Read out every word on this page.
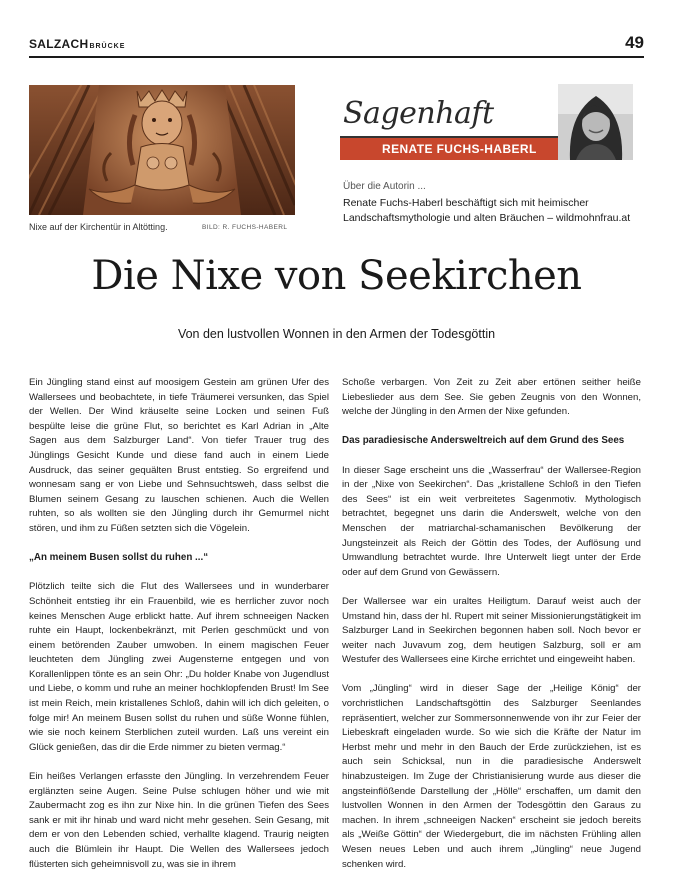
SALZACHBRÜCKE	49
Nixe auf der Kirchentür in Altötting.	BILD: R. FUCHS-HABERL
Sagenhaft
RENATE FUCHS-HABERL
Über die Autorin ...
Renate Fuchs-Haberl beschäftigt sich mit heimischer Landschaftsmythologie und alten Bräuchen – wildmohnfrau.at
Die Nixe von Seekirchen
Von den lustvollen Wonnen in den Armen der Todesgöttin

Ein Jüngling stand einst auf moosigem Gestein am grünen Ufer des Wallersees und beobachtete, in tiefe Träumerei versunken, das Spiel der Wellen. Der Wind kräuselte seine Locken und seinen Fuß bespülte leise die grüne Flut, so berichtet es Karl Adrian in „Alte Sagen aus dem Salzburger Land“. Von tiefer Trauer trug des Jünglings Gesicht Kunde und diese fand auch in einem Liede Ausdruck, das seiner gequälten Brust entstieg. So ergreifend und wonnesam sang er von Liebe und Sehnsuchtsweh, dass selbst die Blumen seinem Gesang zu lauschen schienen. Auch die Wellen ruhten, so als wollten sie den Jüngling durch ihr Gemurmel nicht stören, und ihm zu Füßen setzten sich die Vögelein.

„An meinem Busen sollst du ruhen ...“

Plötzlich teilte sich die Flut des Wallersees und in wunderbarer Schönheit entstieg ihr ein Frauenbild, wie es herrlicher zuvor noch keines Menschen Auge erblickt hatte. Auf ihrem schneeigen Nacken ruhte ein Haupt, lockenbekränzt, mit Perlen geschmückt und von einem betörenden Zauber umwoben. In einem magischen Feuer leuchteten dem Jüngling zwei Augensterne entgegen und von Korallenlippen tönte es an sein Ohr: „Du holder Knabe von Jugendlust und Liebe, o komm und ruhe an meiner hochklopfenden Brust! Im See ist mein Reich, mein kristallenes Schloß, dahin will ich dich geleiten, o folge mir! An meinem Busen sollst du ruhen und süße Wonne fühlen, wie sie noch keinem Sterblichen zuteil wurden. Laß uns vereint ein Glück genießen, das dir die Erde nimmer zu bieten vermag.“

Ein heißes Verlangen erfasste den Jüngling. In verzehrendem Feuer erglänzten seine Augen. Seine Pulse schlugen höher und wie mit Zaubermacht zog es ihn zur Nixe hin. In die grünen Tiefen des Sees sank er mit ihr hinab und ward nicht mehr gesehen. Sein Gesang, mit dem er von den Lebenden schied, verhallte klagend. Traurig neigten auch die Blümlein ihr Haupt. Die Wellen des Wallersees jedoch flüsterten sich geheimnisvoll zu, was sie in ihrem

Schoße verbargen. Von Zeit zu Zeit aber ertönen seither heiße Liebeslieder aus dem See. Sie geben Zeugnis von den Wonnen, welche der Jüngling in den Armen der Nixe gefunden.

Das paradiesische Andersweltreich auf dem Grund des Sees

In dieser Sage erscheint uns die „Wasserfrau“ der Wallersee-Region in der „Nixe von Seekirchen“. Das „kristallene Schloß in den Tiefen des Sees“ ist ein weit verbreitetes Sagenmotiv. Mythologisch betrachtet, begegnet uns darin die Anderswelt, welche von den Menschen der matriarchal-schamanischen Bevölkerung der Jungsteinzeit als Reich der Göttin des Todes, der Auflösung und Umwandlung betrachtet wurde. Ihre Unterwelt liegt unter der Erde oder auf dem Grund von Gewässern.

Der Wallersee war ein uraltes Heiligtum. Darauf weist auch der Umstand hin, dass der hl. Rupert mit seiner Missionierungstätigkeit im Salzburger Land in Seekirchen begonnen haben soll. Noch bevor er weiter nach Juvavum zog, dem heutigen Salzburg, soll er am Westufer des Wallersees eine Kirche errichtet und eingeweiht haben.

Vom „Jüngling“ wird in dieser Sage der „Heilige König“ der vorchristlichen Landschaftsgöttin des Salzburger Seenlandes repräsentiert, welcher zur Sommersonnenwende von ihr zur Feier der Liebeskraft eingeladen wurde. So wie sich die Kräfte der Natur im Herbst mehr und mehr in den Bauch der Erde zurückziehen, ist es auch sein Schicksal, nun in die paradiesische Anderswelt hinabzusteigen. Im Zuge der Christianisierung wurde aus dieser die angsteinflößende Darstellung der „Hölle“ erschaffen, um damit den lustvollen Wonnen in den Armen der Todesgöttin den Garaus zu machen. In ihrem „schneeigen Nacken“ erscheint sie jedoch bereits als „Weiße Göttin“ der Wiedergeburt, die im nächsten Frühling allen Wesen neues Leben und auch ihrem „Jüngling“ neue Jugend schenken wird.
